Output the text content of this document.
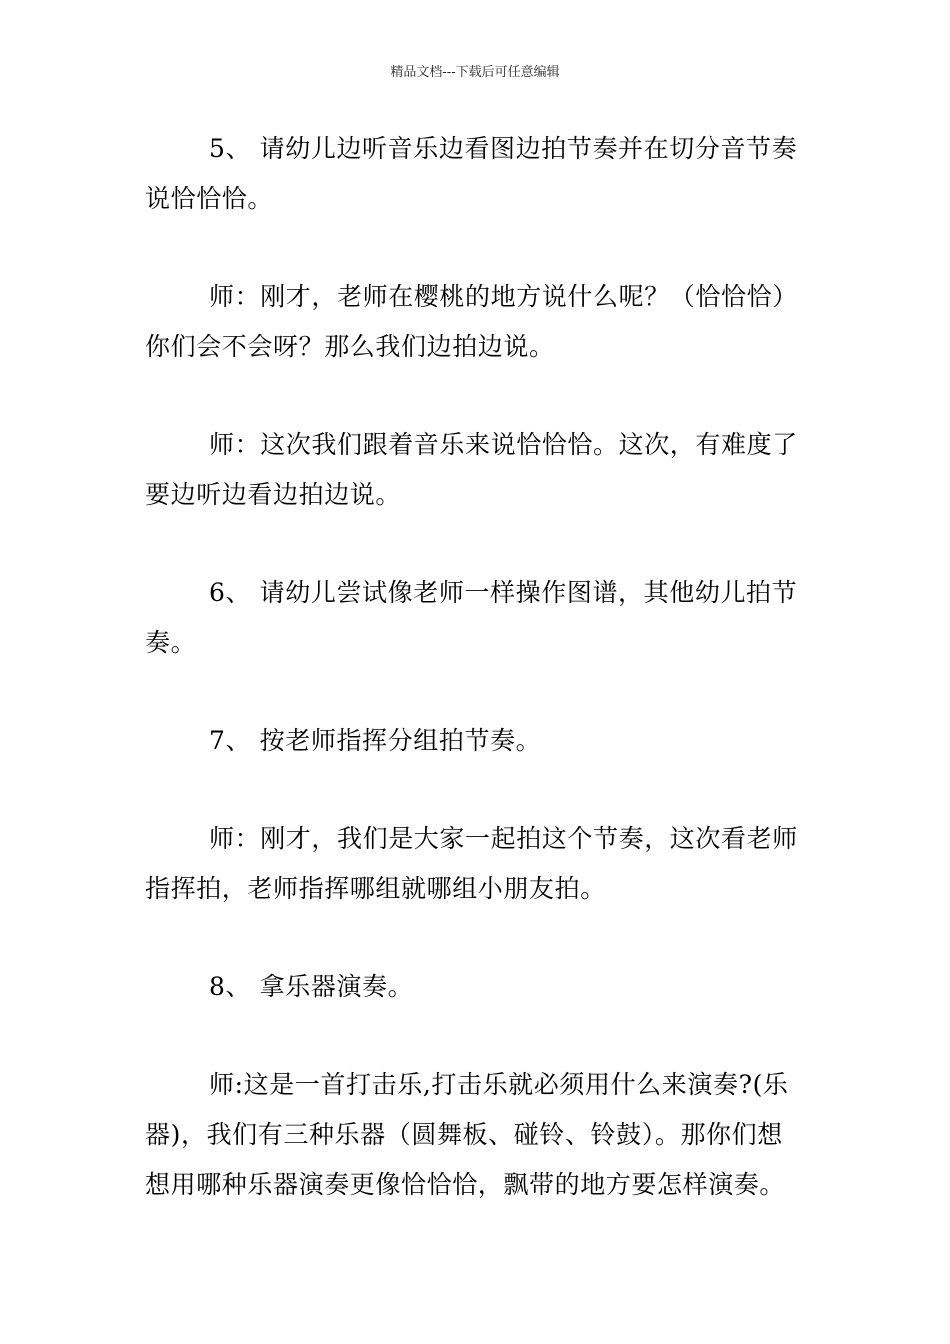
精品文档---下载后可任意编辑

5、 请幼儿边听音乐边看图边拍节奏并在切分音节奏说恰恰恰。

师：刚才，老师在樱桃的地方说什么呢？（恰恰恰）你们会不会呀？那么我们边拍边说。

师：这次我们跟着音乐来说恰恰恰。这次，有难度了要边听边看边拍边说。

6、 请幼儿尝试像老师一样操作图谱，其他幼儿拍节奏。

7、 按老师指挥分组拍节奏。

师：刚才，我们是大家一起拍这个节奏，这次看老师指挥拍，老师指挥哪组就哪组小朋友拍。

8、 拿乐器演奏。

师:这是一首打击乐,打击乐就必须用什么来演奏?(乐器)，我们有三种乐器（圆舞板、碰铃、铃鼓）。那你们想想用哪种乐器演奏更像恰恰恰，飘带的地方要怎样演奏。
